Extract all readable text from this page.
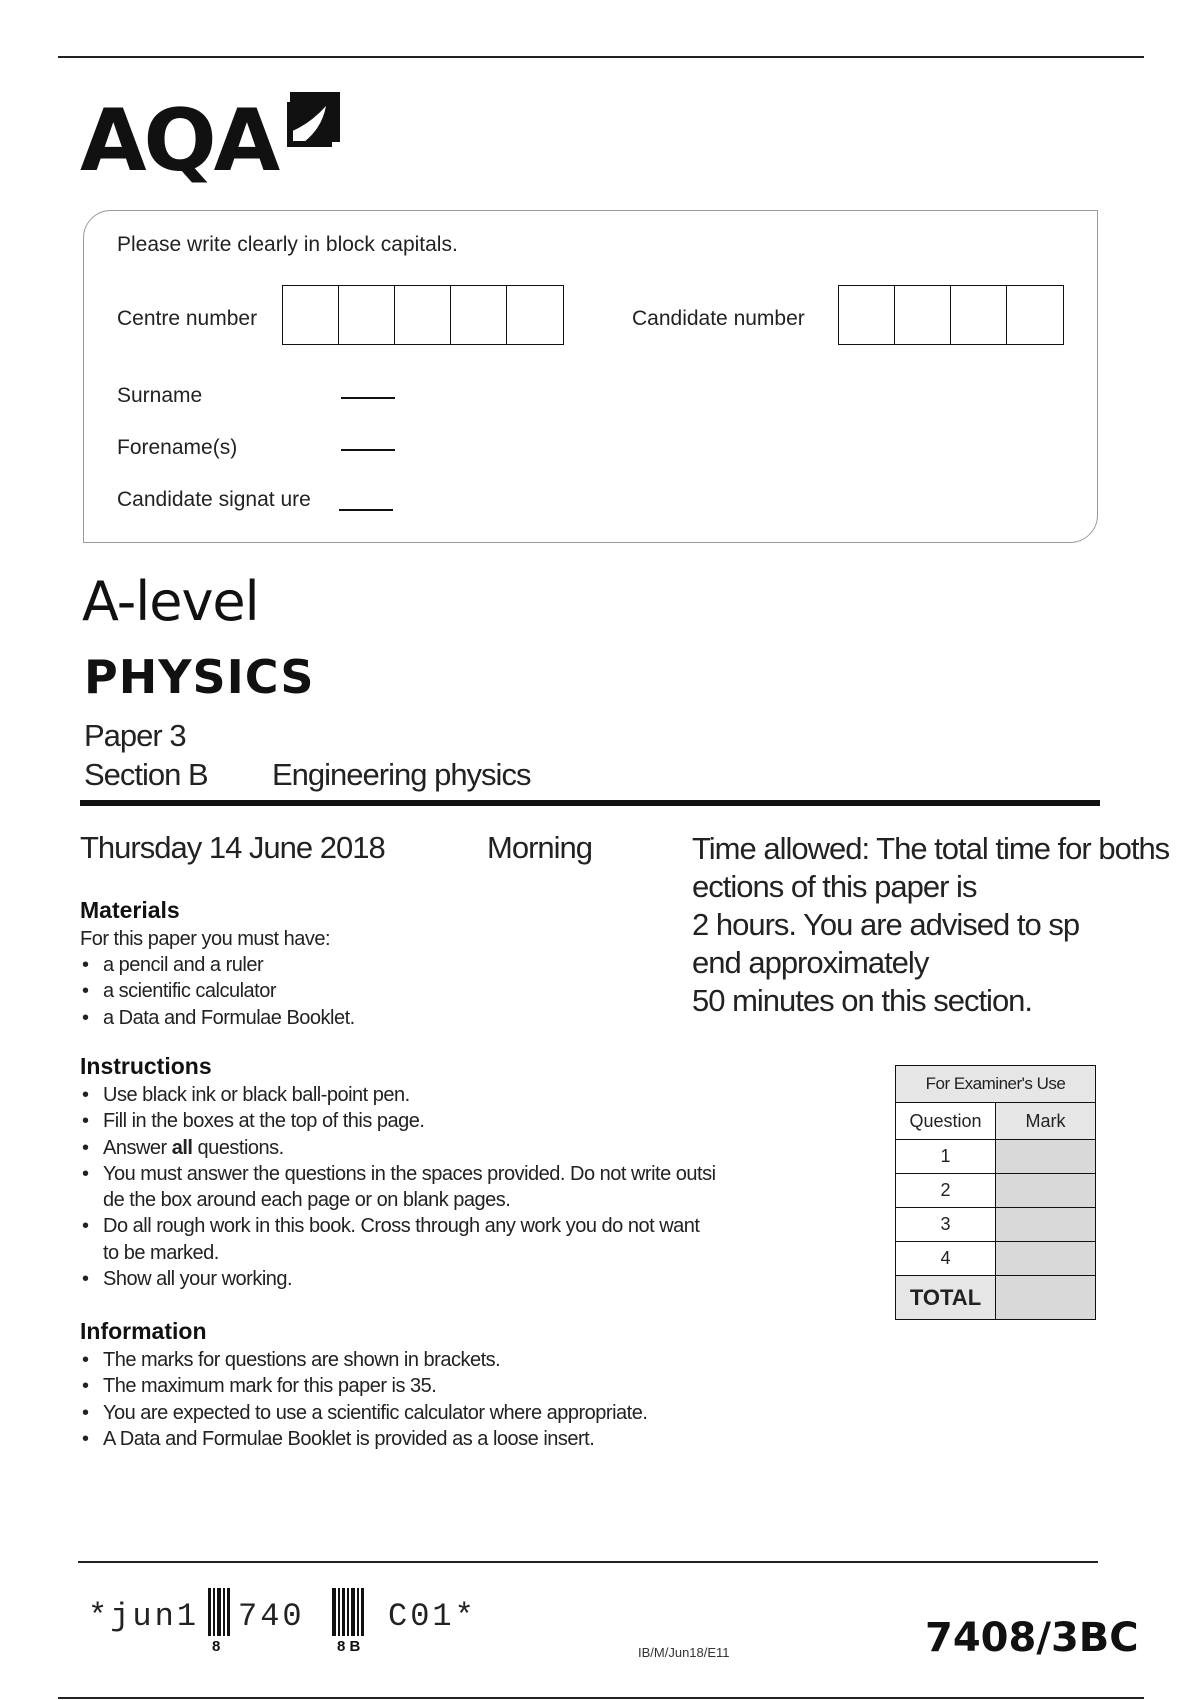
AQA
Please write clearly in block capitals.
Centre number	Candidate number
Surname
Forename(s)
Candidate signat ure
A-level
PHYSICS
Paper 3
Section B Engineering physics
Thursday 14 June 2018	Morning	Time allowed: The total time for boths
ections of this paper is
2 hours. You are advised to sp
end approximately
50 minutes on this section.
Materials
For this paper you must have:
• a pencil and a ruler
• a scientific calculator
• a Data and Formulae Booklet.
Instructions
• Use black ink or black ball-point pen.
• Fill in the boxes at the top of this page.
• Answer all questions.
• You must answer the questions in the spaces provided. Do not write outsi
de the box around each page or on blank pages.
• Do all rough work in this book. Cross through any work you do not want
to be marked.
• Show all your working.
Information
• The marks for questions are shown in brackets.
• The maximum mark for this paper is 35.
• You are expected to use a scientific calculator where appropriate.
• A Data and Formulae Booklet is provided as a loose insert.
For Examiner's Use	
Question	Mark
1	
2	
3	
4	
TOTAL	
*jun1 740	C01*
8	8 B	IB/M/Jun18/E11	7408/3BC
